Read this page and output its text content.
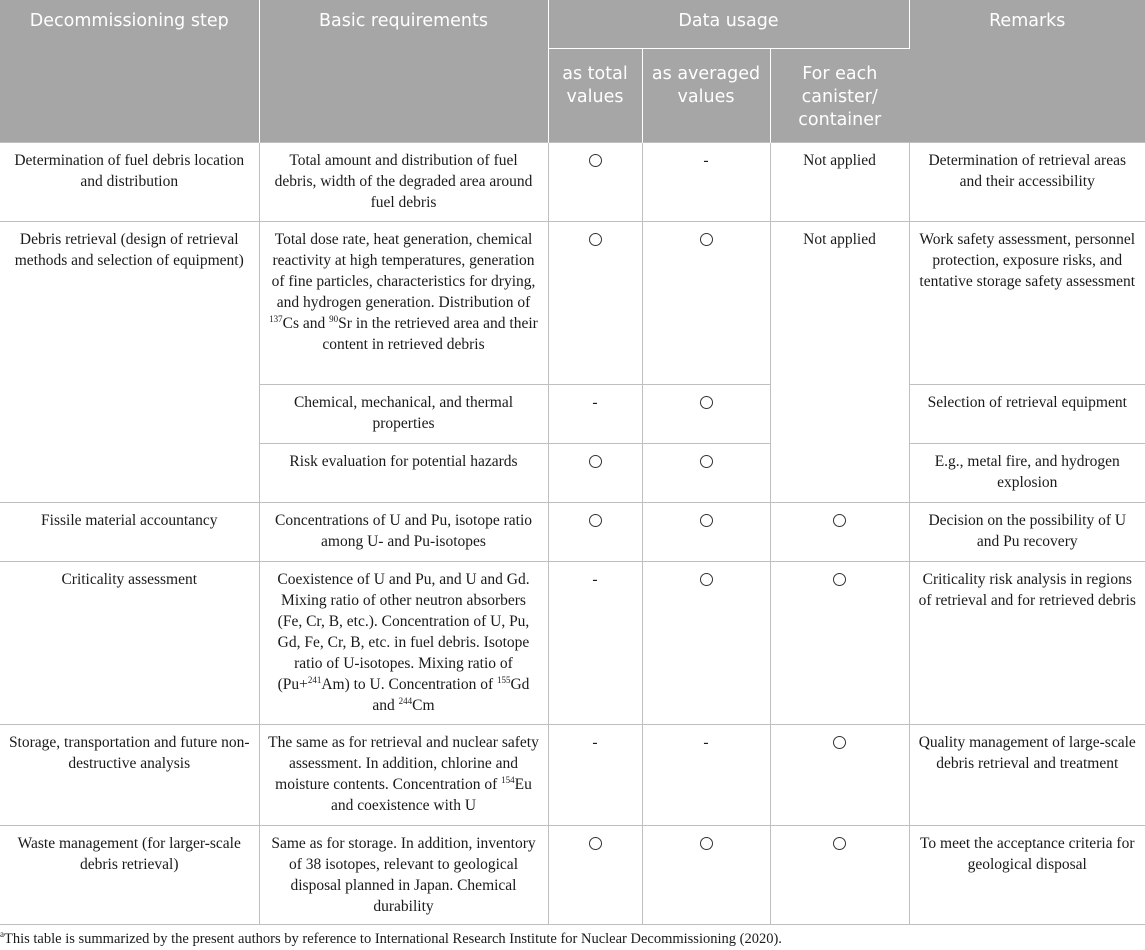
Decommissioning step	Basic requirements	Data usage			Remarks
		as total values	as averaged values	For each canister/ container	
Determination of fuel debris location and distribution	Total amount and distribution of fuel debris, width of the degraded area around fuel debris		-	Not applied	Determination of retrieval areas and their accessibility
Debris retrieval (design of retrieval methods and selection of equipment)	Total dose rate, heat generation, chemical reactivity at high temperatures, generation of fine particles, characteristics for drying, and hydrogen generation. Distribution of $^{137}$Cs and $^{90}$Sr in the retrieved area and their content in retrieved debris			Not applied	Work safety assessment, personnel protection, exposure risks, and tentative storage safety assessment
	Chemical, mechanical, and thermal properties	-			Selection of retrieval equipment
	Risk evaluation for potential hazards				E.g., metal fire, and hydrogen explosion
Fissile material accountancy	Concentrations of U and Pu, isotope ratio among U- and Pu-isotopes				Decision on the possibility of U and Pu recovery
Criticality assessment	Coexistence of U and Pu, and U and Gd. Mixing ratio of other neutron absorbers (Fe, Cr, B, etc.). Concentration of U, Pu, Gd, Fe, Cr, B, etc. in fuel debris. Isotope ratio of U-isotopes. Mixing ratio of (Pu+$^{241}$Am) to U. Concentration of $^{155}$Gd and $^{244}$Cm	-			Criticality risk analysis in regions of retrieval and for retrieved debris
Storage, transportation and future non-destructive analysis	The same as for retrieval and nuclear safety assessment. In addition, chlorine and moisture contents. Concentration of $^{154}$Eu and coexistence with U	-	-		Quality management of large-scale debris retrieval and treatment
Waste management (for larger-scale debris retrieval)	Same as for storage. In addition, inventory of 38 isotopes, relevant to geological disposal planned in Japan. Chemical durability				To meet the acceptance criteria for geological disposal
$^a$This table is summarized by the present authors by reference to International Research Institute for Nuclear Decommissioning (2020).
